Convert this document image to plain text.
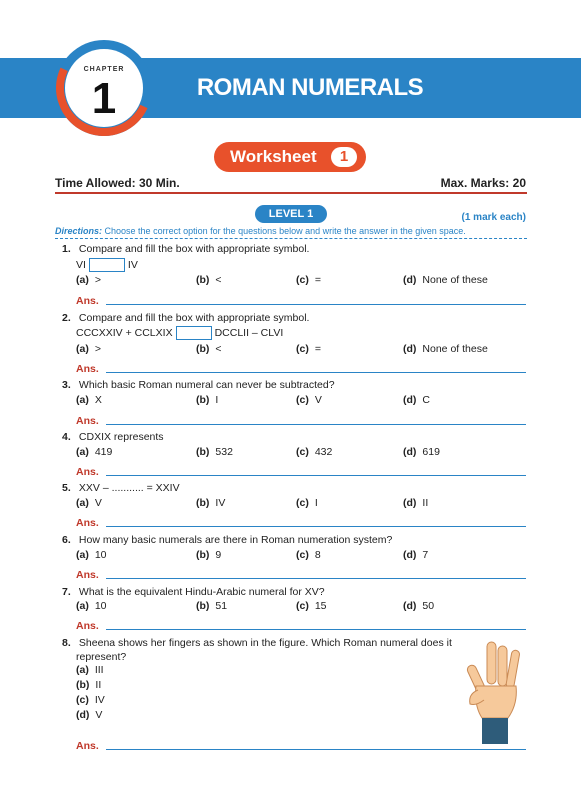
ROMAN NUMERALS
CHAPTER
1
Worksheet	1
Time Allowed: 30 Min.	Max. Marks: 20
LEVEL 1	(1 mark each)
Directions: Choose the correct option for the questions below and write the answer in the given space.
1. Compare and fill the box with appropriate symbol.
VI	IV
(a) >	(b) <	(c) =	(d) None of these
Ans.
2. Compare and fill the box with appropriate symbol.
CCCXXIV + CCLXIX	DCCLII – CLVI
(a) >	(b) <	(c) =	(d) None of these
Ans.
3. Which basic Roman numeral can never be subtracted?
(a) X	(b) I	(c) V	(d) C
Ans.
4. CDXIX represents
(a) 419	(b) 532	(c) 432	(d) 619
Ans.
5. XXV – ........... = XXIV
(a) V	(b) IV	(c) I	(d) II
Ans.
6. How many basic numerals are there in Roman numeration system?
(a) 10	(b) 9	(c) 8	(d) 7
Ans.
7. What is the equivalent Hindu-Arabic numeral for XV?
(a) 10	(b) 51	(c) 15	(d) 50
Ans.
8. Sheena shows her fingers as shown in the figure. Which Roman numeral does it
represent?
(a) III
(b) II
(c) IV
(d) V
Ans.
